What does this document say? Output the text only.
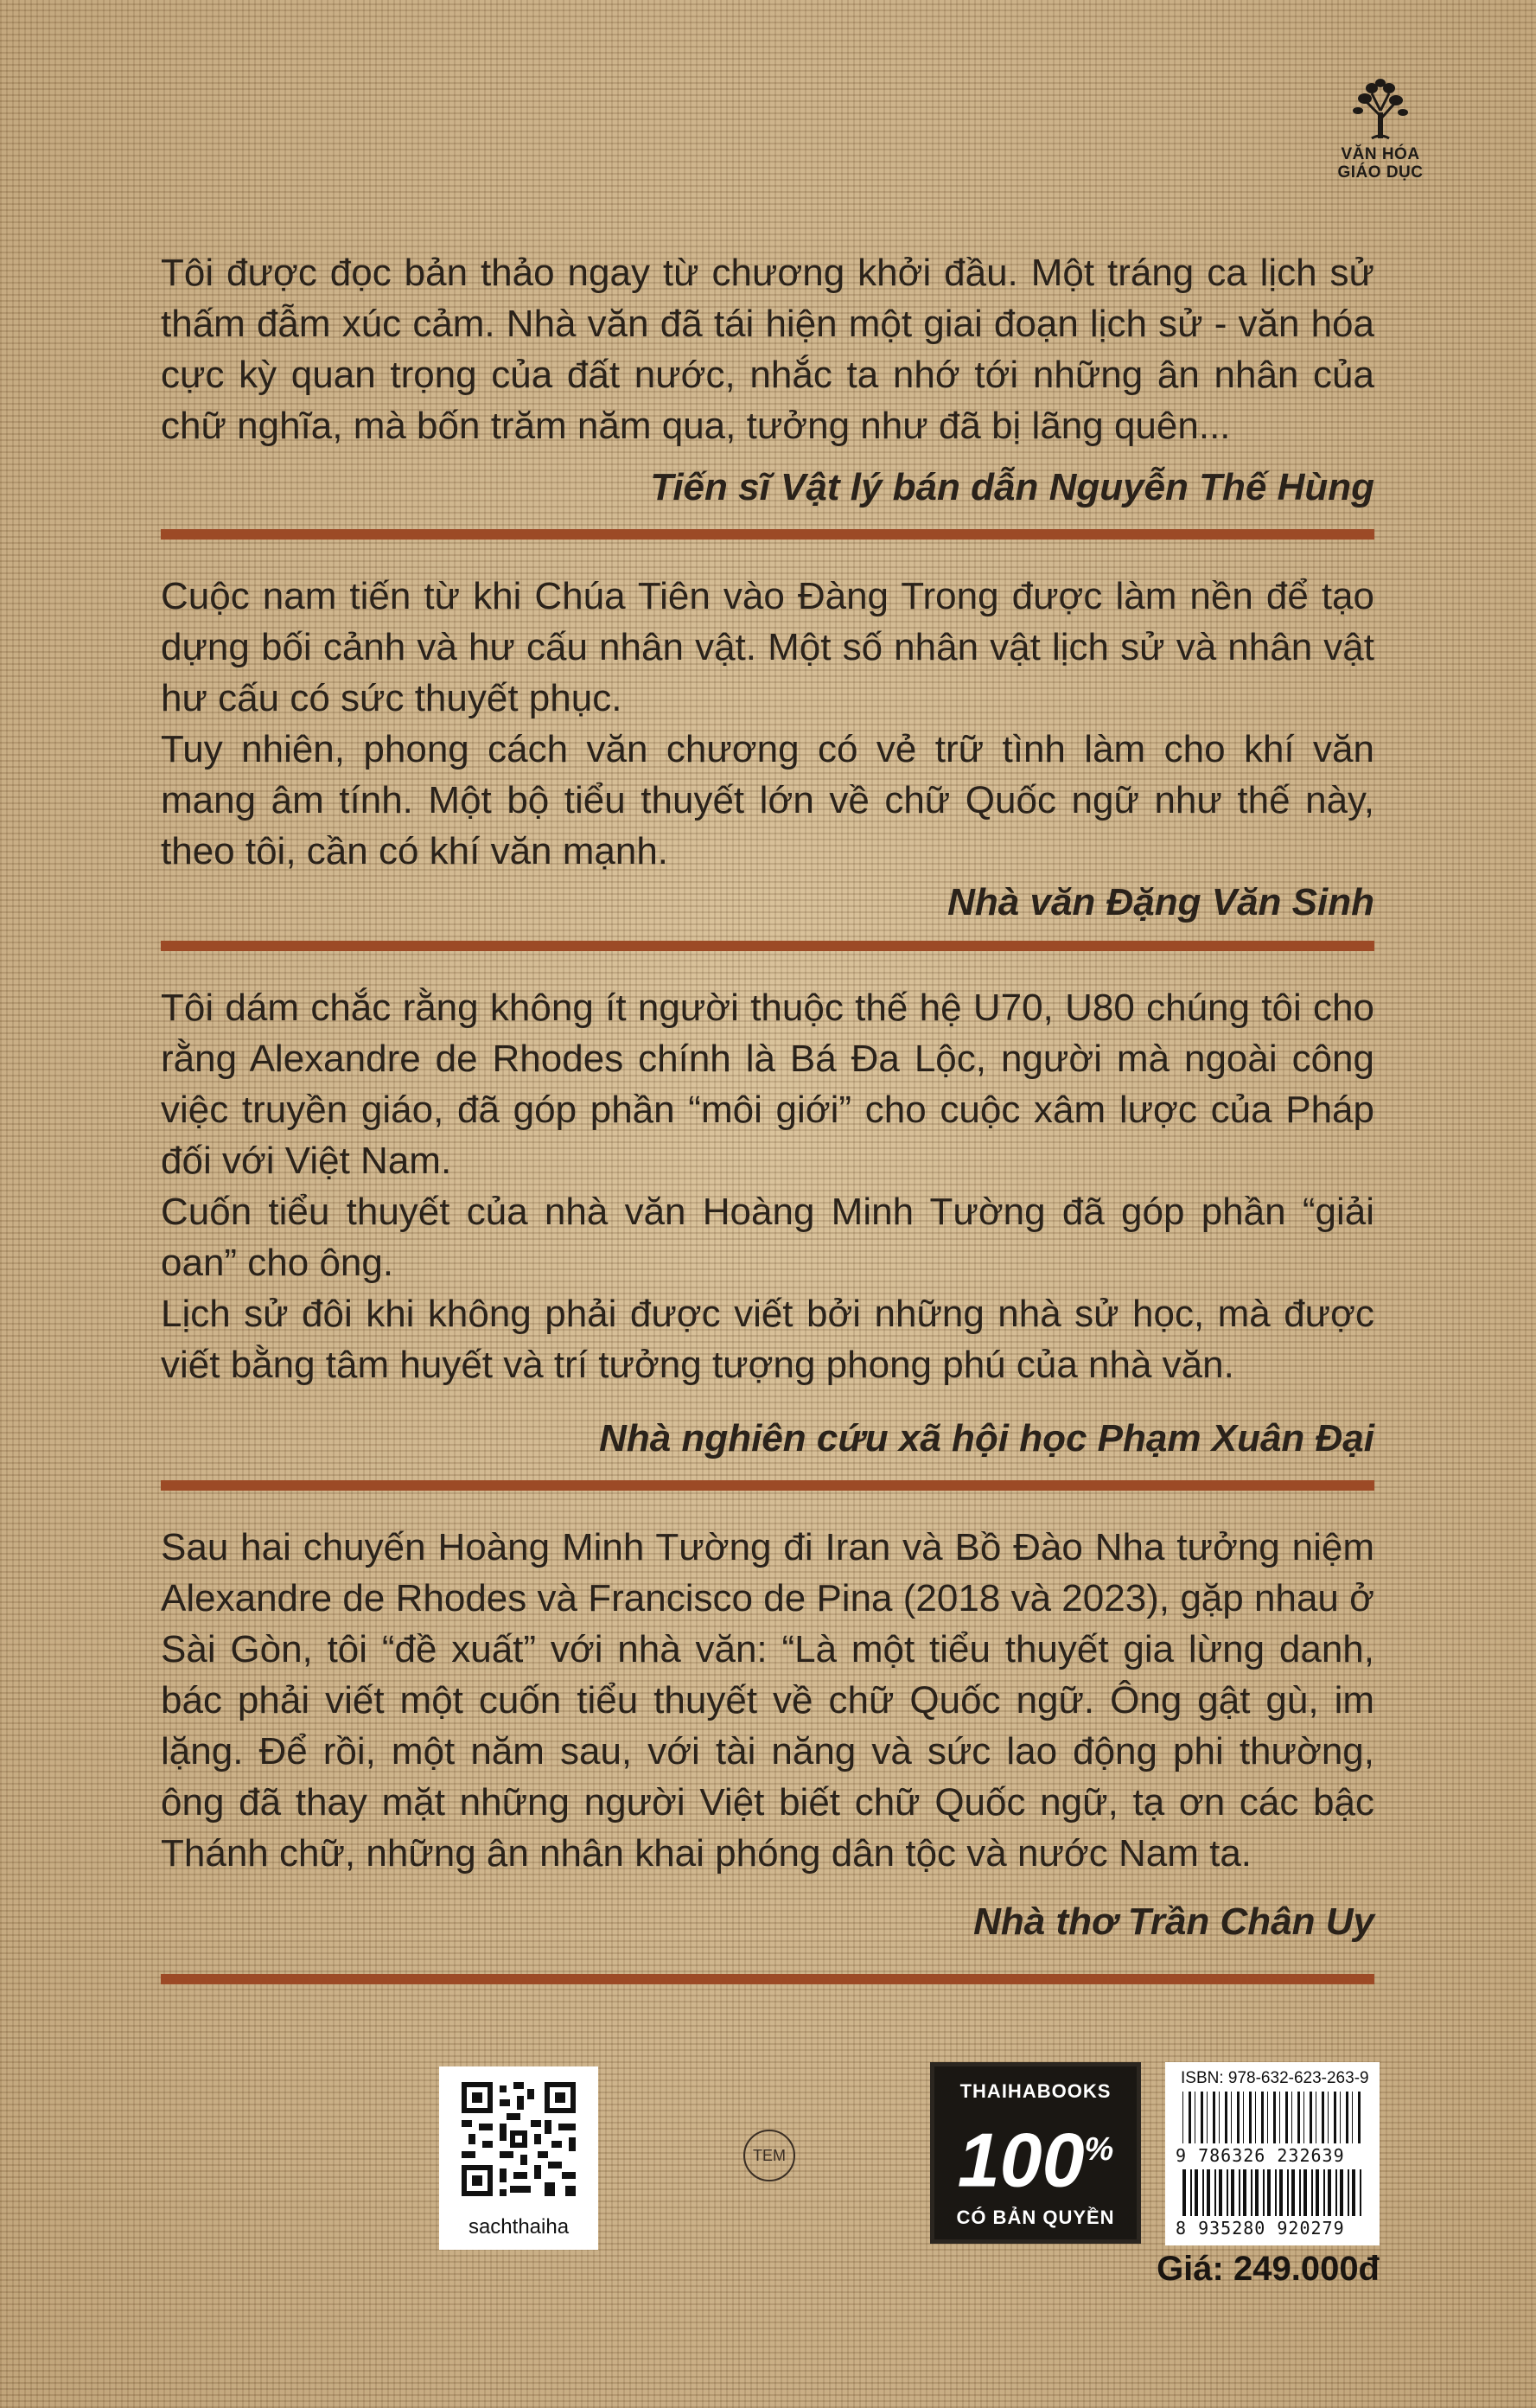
VĂN HÓA
GIÁO DỤC

Tôi được đọc bản thảo ngay từ chương khởi đầu. Một tráng ca lịch sử thấm đẫm xúc cảm. Nhà văn đã tái hiện một giai đoạn lịch sử - văn hóa cực kỳ quan trọng của đất nước, nhắc ta nhớ tới những ân nhân của chữ nghĩa, mà bốn trăm năm qua, tưởng như đã bị lãng quên...

Tiến sĩ Vật lý bán dẫn Nguyễn Thế Hùng

Cuộc nam tiến từ khi Chúa Tiên vào Đàng Trong được làm nền để tạo dựng bối cảnh và hư cấu nhân vật. Một số nhân vật lịch sử và nhân vật hư cấu có sức thuyết phục.

Tuy nhiên, phong cách văn chương có vẻ trữ tình làm cho khí văn mang âm tính. Một bộ tiểu thuyết lớn về chữ Quốc ngữ như thế này, theo tôi, cần có khí văn mạnh.

Nhà văn Đặng Văn Sinh

Tôi dám chắc rằng không ít người thuộc thế hệ U70, U80 chúng tôi cho rằng Alexandre de Rhodes chính là Bá Đa Lộc, người mà ngoài công việc truyền giáo, đã góp phần “môi giới” cho cuộc xâm lược của Pháp đối với Việt Nam.

Cuốn tiểu thuyết của nhà văn Hoàng Minh Tường đã góp phần “giải oan” cho ông.

Lịch sử đôi khi không phải được viết bởi những nhà sử học, mà được viết bằng tâm huyết và trí tưởng tượng phong phú của nhà văn.

Nhà nghiên cứu xã hội học Phạm Xuân Đại

Sau hai chuyến Hoàng Minh Tường đi Iran và Bồ Đào Nha tưởng niệm Alexandre de Rhodes và Francisco de Pina (2018 và 2023), gặp nhau ở Sài Gòn, tôi “đề xuất” với nhà văn: “Là một tiểu thuyết gia lừng danh, bác phải viết một cuốn tiểu thuyết về chữ Quốc ngữ. Ông gật gù, im lặng. Để rồi, một năm sau, với tài năng và sức lao động phi thường, ông đã thay mặt những người Việt biết chữ Quốc ngữ, tạ ơn các bậc Thánh chữ, những ân nhân khai phóng dân tộc và nước Nam ta.

Nhà thơ Trần Chân Uy

sachthaiha
TEM
THAIHABOOKS
100%
CÓ BẢN QUYỀN
ISBN: 978-632-623-263-9
9 786326 232639
8 935280 920279
Giá: 249.000đ
